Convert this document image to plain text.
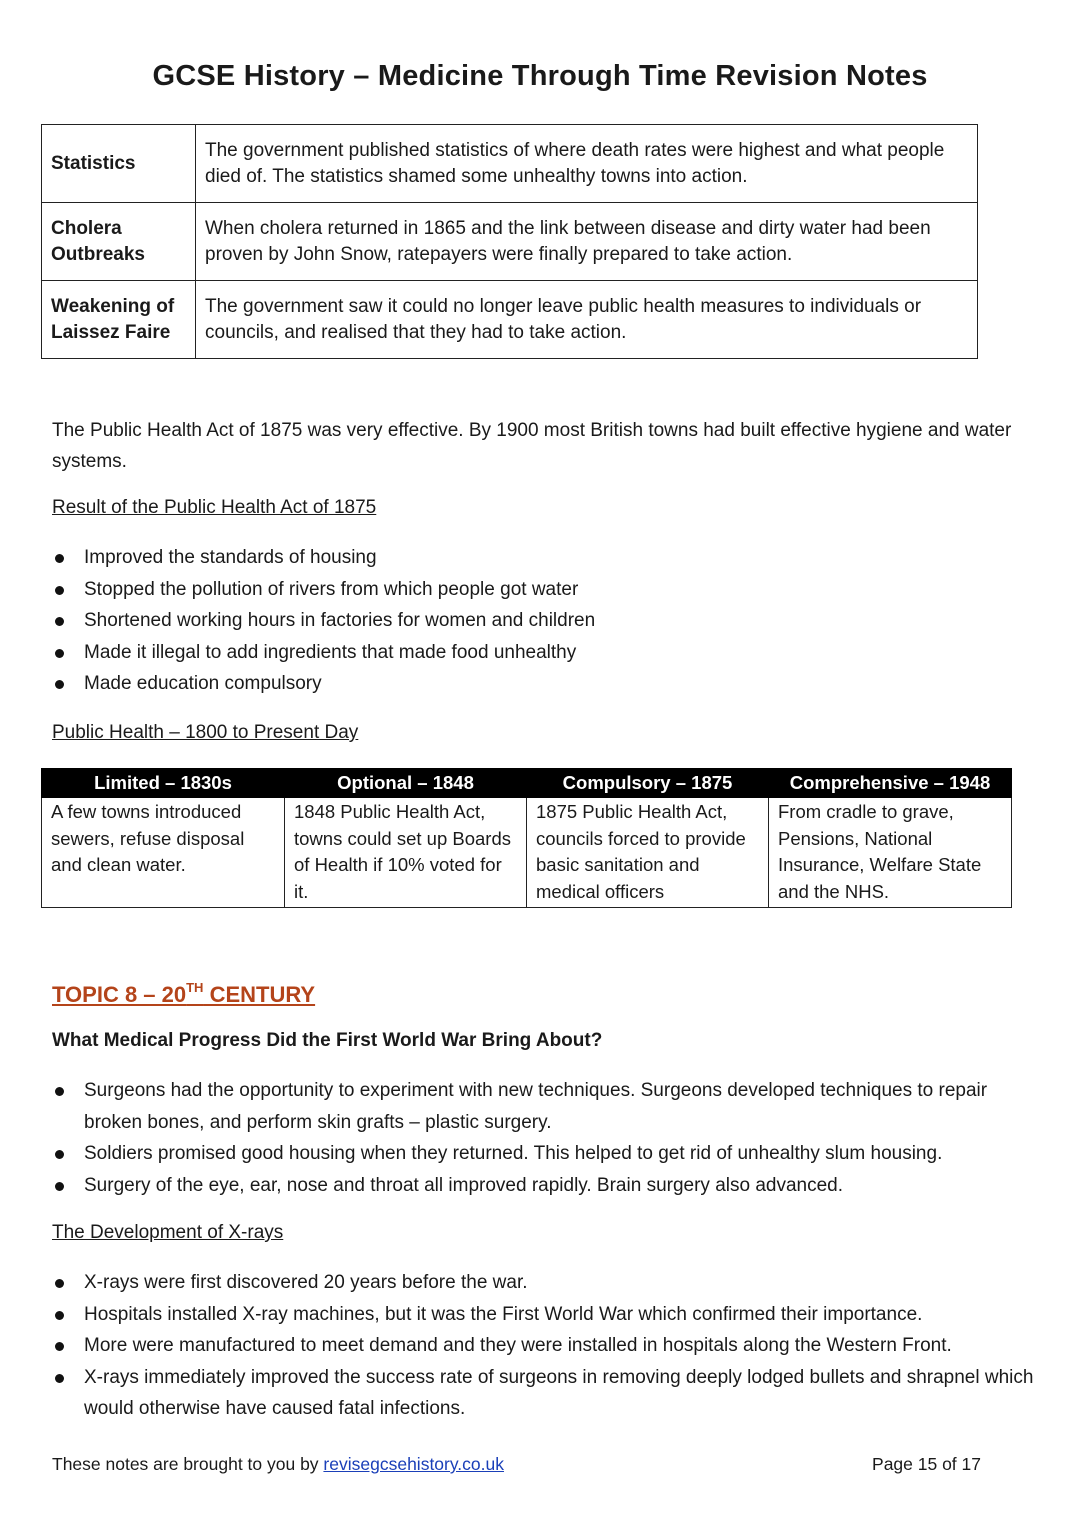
GCSE History – Medicine Through Time Revision Notes
Statistics	The government published statistics of where death rates were highest and what people died of. The statistics shamed some unhealthy towns into action.
Cholera Outbreaks	When cholera returned in 1865 and the link between disease and dirty water had been proven by John Snow, ratepayers were finally prepared to take action.
Weakening of Laissez Faire	The government saw it could no longer leave public health measures to individuals or councils, and realised that they had to take action.

The Public Health Act of 1875 was very effective. By 1900 most British towns had built effective hygiene and water systems.

Result of the Public Health Act of 1875

Improved the standards of housing
Stopped the pollution of rivers from which people got water
Shortened working hours in factories for women and children
Made it illegal to add ingredients that made food unhealthy
Made education compulsory

Public Health – 1800 to Present Day

Limited – 1830s	Optional – 1848	Compulsory – 1875	Comprehensive – 1948
A few towns introduced sewers, refuse disposal and clean water.	1848 Public Health Act, towns could set up Boards of Health if 10% voted for it.	1875 Public Health Act, councils forced to provide basic sanitation and medical officers	From cradle to grave, Pensions, National Insurance, Welfare State and the NHS.

TOPIC 8 – 20TH CENTURY

What Medical Progress Did the First World War Bring About?

Surgeons had the opportunity to experiment with new techniques. Surgeons developed techniques to repair broken bones, and perform skin grafts – plastic surgery.
Soldiers promised good housing when they returned. This helped to get rid of unhealthy slum housing.
Surgery of the eye, ear, nose and throat all improved rapidly. Brain surgery also advanced.

The Development of X-rays

X-rays were first discovered 20 years before the war.
Hospitals installed X-ray machines, but it was the First World War which confirmed their importance.
More were manufactured to meet demand and they were installed in hospitals along the Western Front.
X-rays immediately improved the success rate of surgeons in removing deeply lodged bullets and shrapnel which would otherwise have caused fatal infections.
These notes are brought to you by revisegcsehistory.co.uk	Page 15 of 17
